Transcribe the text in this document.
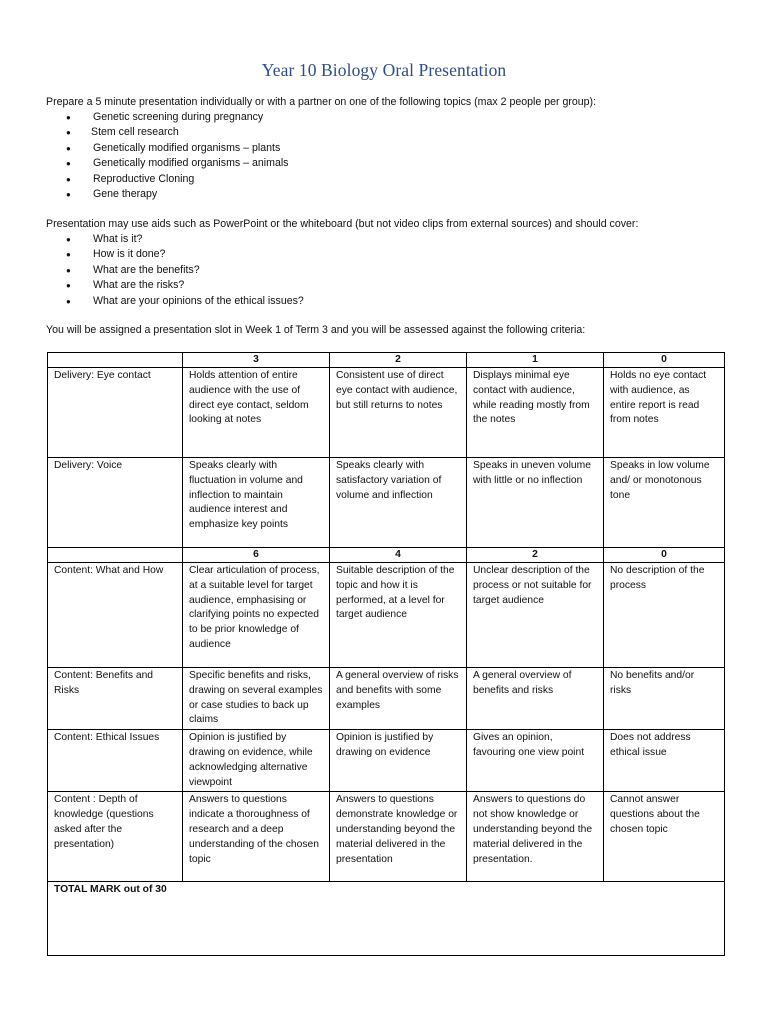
Year 10 Biology Oral Presentation
Prepare a 5 minute presentation individually or with a partner on one of the following topics (max 2 people per group):
●	Genetic screening during pregnancy
●	Stem cell research
●	Genetically modified organisms – plants
●	Genetically modified organisms – animals
●	Reproductive Cloning
●	Gene therapy
Presentation may use aids such as PowerPoint or the whiteboard (but not video clips from external sources) and should cover:
●	What is it?
●	How is it done?
●	What are the benefits?
●	What are the risks?
●	What are your opinions of the ethical issues?
You will be assigned a presentation slot in Week 1 of Term 3 and you will be assessed against the following criteria:
	3	2	1	0
Delivery: Eye contact	Holds attention of entire audience with the use of direct eye contact, seldom looking at notes	Consistent use of direct eye contact with audience, but still returns to notes	Displays minimal eye contact with audience, while reading mostly from the notes	Holds no eye contact with audience, as entire report is read from notes
Delivery: Voice	Speaks clearly with fluctuation in volume and inflection to maintain audience interest and emphasize key points	Speaks clearly with satisfactory variation of volume and inflection	Speaks in uneven volume with little or no inflection	Speaks in low volume and/ or monotonous tone
	6	4	2	0
Content: What and How	Clear articulation of process, at a suitable level for target audience, emphasising or clarifying points no expected to be prior knowledge of audience	Suitable description of the topic and how it is performed, at a level for target audience	Unclear description of the process or not suitable for target audience	No description of the process
Content: Benefits and Risks	Specific benefits and risks, drawing on several examples or case studies to back up claims	A general overview of risks and benefits with some examples	A general overview of benefits and risks	No benefits and/or risks
Content: Ethical Issues	Opinion is justified by drawing on evidence, while acknowledging alternative viewpoint	Opinion is justified by drawing on evidence	Gives an opinion, favouring one view point	Does not address ethical issue
Content : Depth of knowledge (questions asked after the presentation)	Answers to questions indicate a thoroughness of research and a deep understanding of the chosen topic	Answers to questions demonstrate knowledge or understanding beyond the material delivered in the presentation	Answers to questions do not show knowledge or understanding beyond the material delivered in the presentation.	Cannot answer questions about the chosen topic
TOTAL MARK out of 30				
